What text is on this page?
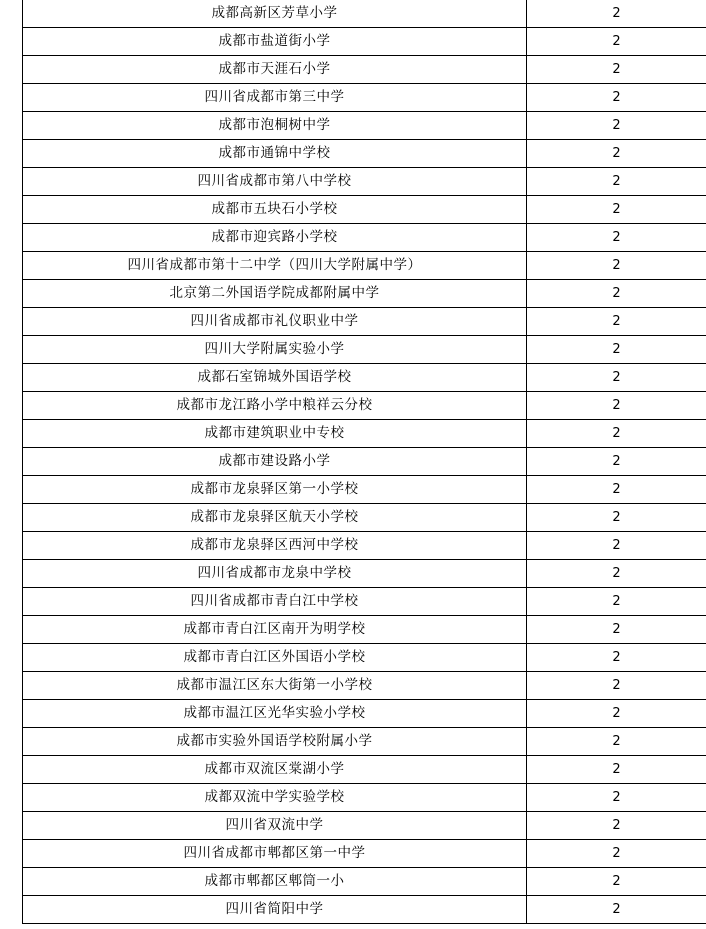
成都高新区芳草小学	2
成都市盐道街小学	2
成都市天涯石小学	2
四川省成都市第三中学	2
成都市泡桐树中学	2
成都市通锦中学校	2
四川省成都市第八中学校	2
成都市五块石小学校	2
成都市迎宾路小学校	2
四川省成都市第十二中学（四川大学附属中学）	2
北京第二外国语学院成都附属中学	2
四川省成都市礼仪职业中学	2
四川大学附属实验小学	2
成都石室锦城外国语学校	2
成都市龙江路小学中粮祥云分校	2
成都市建筑职业中专校	2
成都市建设路小学	2
成都市龙泉驿区第一小学校	2
成都市龙泉驿区航天小学校	2
成都市龙泉驿区西河中学校	2
四川省成都市龙泉中学校	2
四川省成都市青白江中学校	2
成都市青白江区南开为明学校	2
成都市青白江区外国语小学校	2
成都市温江区东大街第一小学校	2
成都市温江区光华实验小学校	2
成都市实验外国语学校附属小学	2
成都市双流区棠湖小学	2
成都双流中学实验学校	2
四川省双流中学	2
四川省成都市郫都区第一中学	2
成都市郫都区郫筒一小	2
四川省简阳中学	2
